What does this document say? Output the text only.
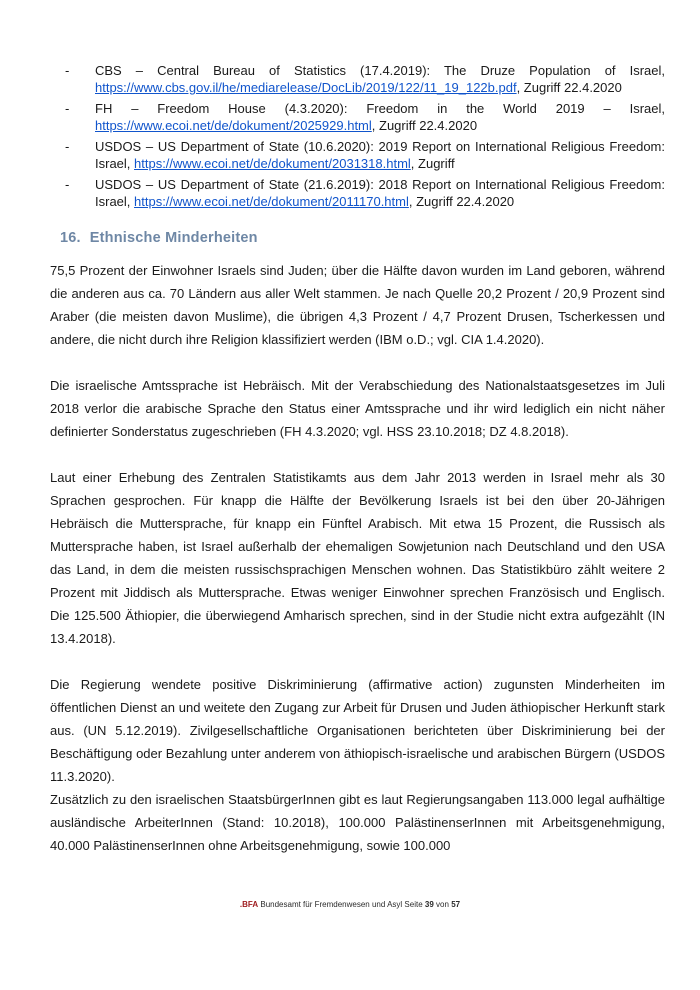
- CBS – Central Bureau of Statistics (17.4.2019): The Druze Population of Israel, https://www.cbs.gov.il/he/mediarelease/DocLib/2019/122/11_19_122b.pdf, Zugriff 22.4.2020
- FH – Freedom House (4.3.2020): Freedom in the World 2019 – Israel, https://www.ecoi.net/de/dokument/2025929.html, Zugriff 22.4.2020
- USDOS – US Department of State (10.6.2020): 2019 Report on International Religious Freedom: Israel, https://www.ecoi.net/de/dokument/2031318.html, Zugriff
- USDOS – US Department of State (21.6.2019): 2018 Report on International Religious Freedom: Israel, https://www.ecoi.net/de/dokument/2011170.html, Zugriff 22.4.2020
16. Ethnische Minderheiten

75,5 Prozent der Einwohner Israels sind Juden; über die Hälfte davon wurden im Land geboren, während die anderen aus ca. 70 Ländern aus aller Welt stammen. Je nach Quelle 20,2 Prozent / 20,9 Prozent sind Araber (die meisten davon Muslime), die übrigen 4,3 Prozent / 4,7 Prozent Drusen, Tscherkessen und andere, die nicht durch ihre Religion klassifiziert werden (IBM o.D.; vgl. CIA 1.4.2020).

Die israelische Amtssprache ist Hebräisch. Mit der Verabschiedung des Nationalstaatsgesetzes im Juli 2018 verlor die arabische Sprache den Status einer Amtssprache und ihr wird lediglich ein nicht näher definierter Sonderstatus zugeschrieben (FH 4.3.2020; vgl. HSS 23.10.2018; DZ 4.8.2018).

Laut einer Erhebung des Zentralen Statistikamts aus dem Jahr 2013 werden in Israel mehr als 30 Sprachen gesprochen. Für knapp die Hälfte der Bevölkerung Israels ist bei den über 20-Jährigen Hebräisch die Muttersprache, für knapp ein Fünftel Arabisch. Mit etwa 15 Prozent, die Russisch als Muttersprache haben, ist Israel außerhalb der ehemaligen Sowjetunion nach Deutschland und den USA das Land, in dem die meisten russischsprachigen Menschen wohnen. Das Statistikbüro zählt weitere 2 Prozent mit Jiddisch als Muttersprache. Etwas weniger Einwohner sprechen Französisch und Englisch. Die 125.500 Äthiopier, die überwiegend Amharisch sprechen, sind in der Studie nicht extra aufgezählt (IN 13.4.2018).

Die Regierung wendete positive Diskriminierung (affirmative action) zugunsten Minderheiten im öffentlichen Dienst an und weitete den Zugang zur Arbeit für Drusen und Juden äthiopischer Herkunft stark aus. (UN 5.12.2019). Zivilgesellschaftliche Organisationen berichteten über Diskriminierung bei der Beschäftigung oder Bezahlung unter anderem von äthiopisch-israelische und arabischen Bürgern (USDOS 11.3.2020).

Zusätzlich zu den israelischen StaatsbürgerInnen gibt es laut Regierungsangaben 113.000 legal aufhältige ausländische ArbeiterInnen (Stand: 10.2018), 100.000 PalästinenserInnen mit Arbeitsgenehmigung, 40.000 PalästinenserInnen ohne Arbeitsgenehmigung, sowie 100.000

.BFA Bundesamt für Fremdenwesen und Asyl Seite 39 von 57
